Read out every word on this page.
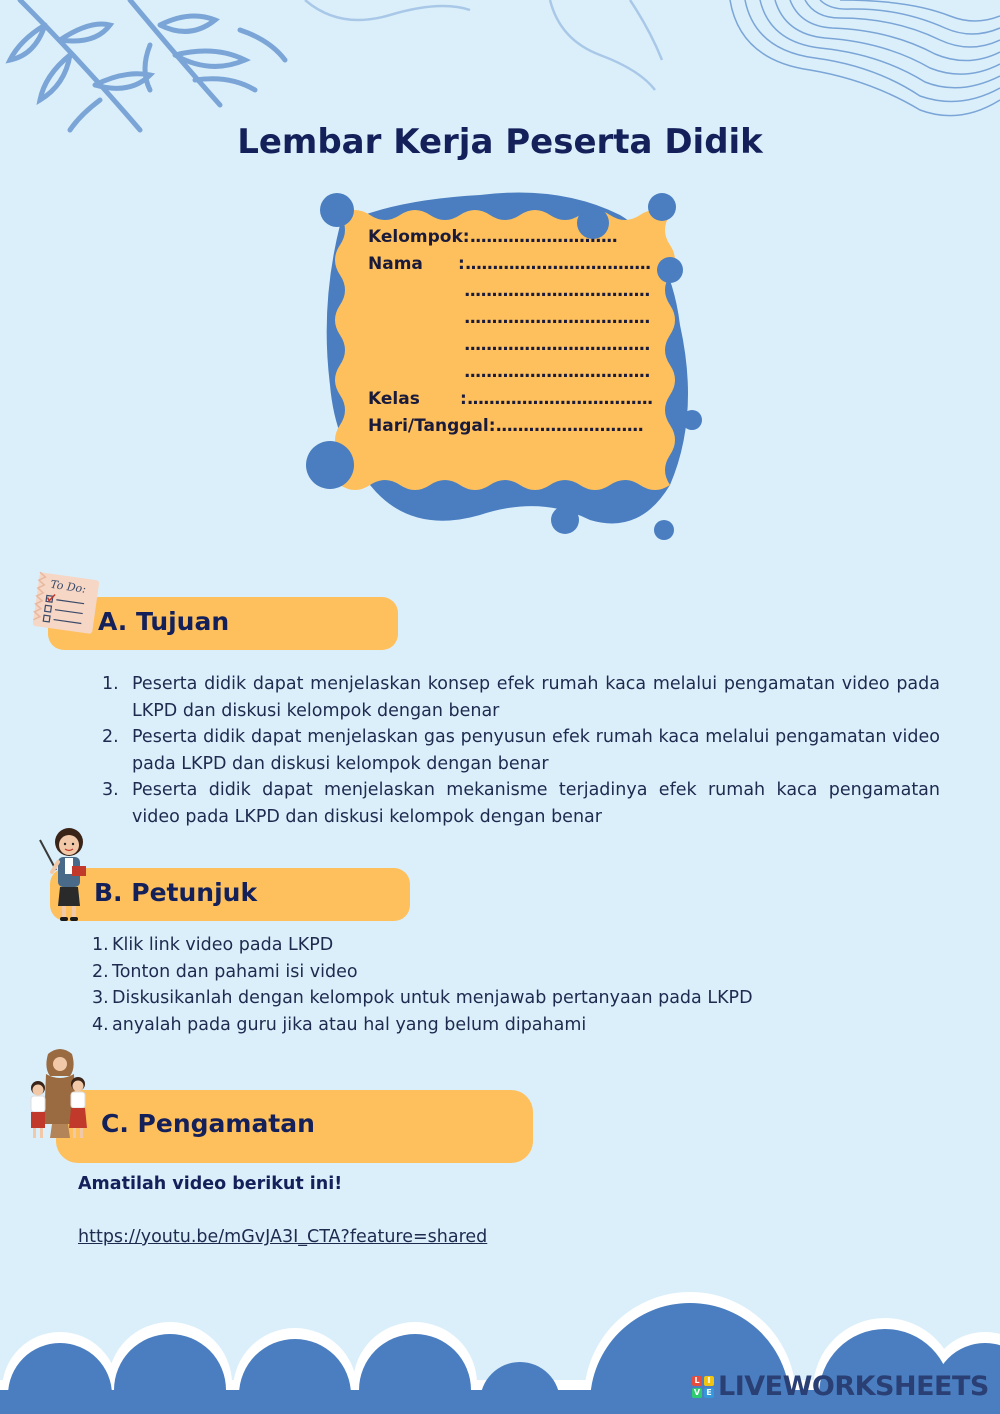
Lembar Kerja Peserta Didik
Kelompok:...........................
Nama :..................................
..................................
..................................
..................................
..................................
Kelas :..................................
Hari/Tanggal:...........................
To Do:
A. Tujuan
1. Peserta didik dapat menjelaskan konsep efek rumah kaca melalui pengamatan video pada LKPD dan diskusi kelompok dengan benar
2. Peserta didik dapat menjelaskan gas penyusun efek rumah kaca melalui pengamatan video pada LKPD dan diskusi kelompok dengan benar
3. Peserta didik dapat menjelaskan mekanisme terjadinya efek rumah kaca pengamatan video pada LKPD dan diskusi kelompok dengan benar
B. Petunjuk
1. Klik link video pada LKPD
2. Tonton dan pahami isi video
3. Diskusikanlah dengan kelompok untuk menjawab pertanyaan pada LKPD
4. anyalah pada guru jika atau hal yang belum dipahami
C. Pengamatan
Amatilah video berikut ini!
https://youtu.be/mGvJA3I_CTA?feature=shared
L I
V E LIVEWORKSHEETS
